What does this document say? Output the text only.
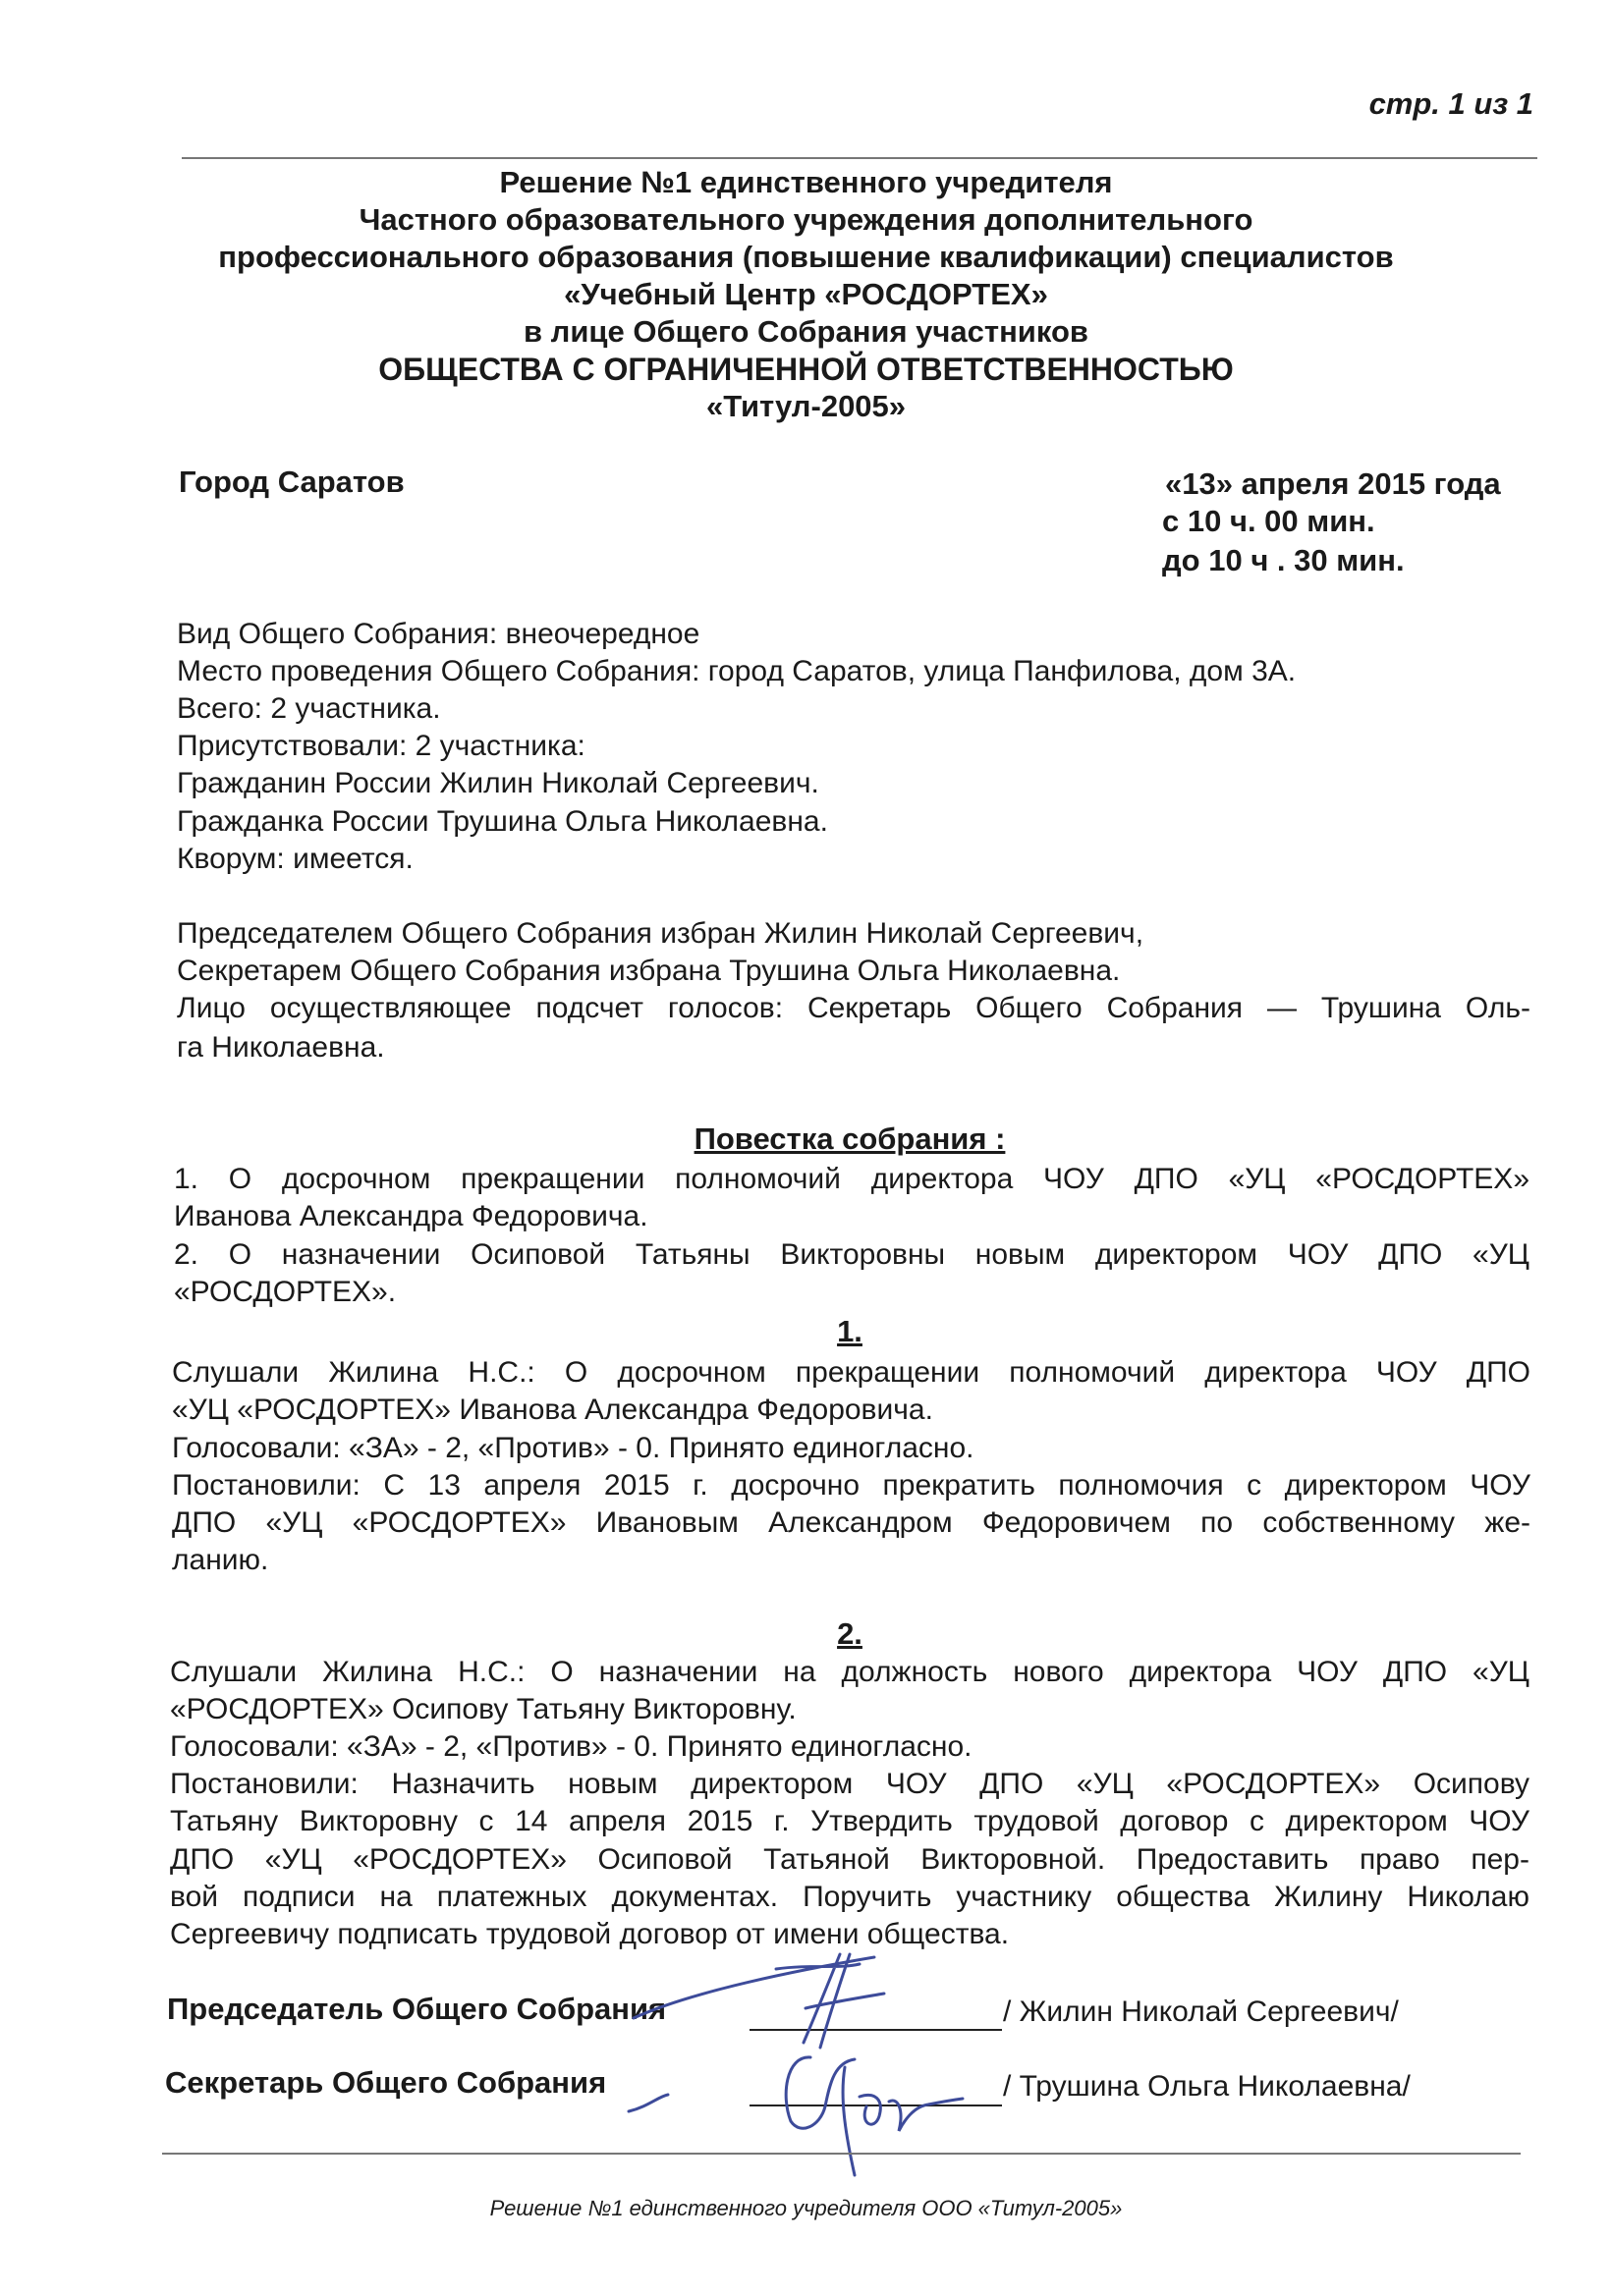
стр. 1 из 1
Решение №1 единственного учредителя
Частного образовательного учреждения дополнительного
профессионального образования (повышение квалификации) специалистов
«Учебный Центр «РОСДОРТЕХ»
в лице Общего Собрания участников
ОБЩЕСТВА С ОГРАНИЧЕННОЙ ОТВЕТСТВЕННОСТЬЮ
«Титул-2005»
Город Саратов	«13» апреля 2015 года
с 10 ч. 00 мин.
до 10 ч . 30 мин.
Вид Общего Собрания: внеочередное
Место проведения Общего Собрания: город Саратов, улица Панфилова, дом 3А.
Всего: 2 участника.
Присутствовали: 2 участника:
Гражданин России Жилин Николай Сергеевич.
Гражданка России Трушина Ольга Николаевна.
Кворум: имеется.
Председателем Общего Собрания избран Жилин Николай Сергеевич,
Секретарем Общего Собрания избрана Трушина Ольга Николаевна.
Лицо осуществляющее подсчет голосов: Секретарь Общего Собрания — Трушина Оль-
га Николаевна.
Повестка собрания :
1. О досрочном прекращении полномочий директора ЧОУ ДПО «УЦ «РОСДОРТЕХ»
Иванова Александра Федоровича.
2. О назначении Осиповой Татьяны Викторовны новым директором ЧОУ ДПО «УЦ
«РОСДОРТЕХ».
1.
Слушали Жилина Н.С.: О досрочном прекращении полномочий директора ЧОУ ДПО
«УЦ «РОСДОРТЕХ» Иванова Александра Федоровича.
Голосовали: «ЗА» - 2, «Против» - 0. Принято единогласно.
Постановили: С 13 апреля 2015 г. досрочно прекратить полномочия с директором ЧОУ
ДПО «УЦ «РОСДОРТЕХ» Ивановым Александром Федоровичем по собственному же-
ланию.
2.
Слушали Жилина Н.С.: О назначении на должность нового директора ЧОУ ДПО «УЦ
«РОСДОРТЕХ» Осипову Татьяну Викторовну.
Голосовали: «ЗА» - 2, «Против» - 0. Принято единогласно.
Постановили: Назначить новым директором ЧОУ ДПО «УЦ «РОСДОРТЕХ» Осипову
Татьяну Викторовну с 14 апреля 2015 г. Утвердить трудовой договор с директором ЧОУ
ДПО «УЦ «РОСДОРТЕХ» Осиповой Татьяной Викторовной. Предоставить право пер-
вой подписи на платежных документах. Поручить участнику общества Жилину Николаю
Сергеевичу подписать трудовой договор от имени общества.
Председатель Общего Собрания	/ Жилин Николай Сергеевич/
Секретарь Общего Собрания	/ Трушина Ольга Николаевна/
Решение №1 единственного учредителя ООО «Титул-2005»
